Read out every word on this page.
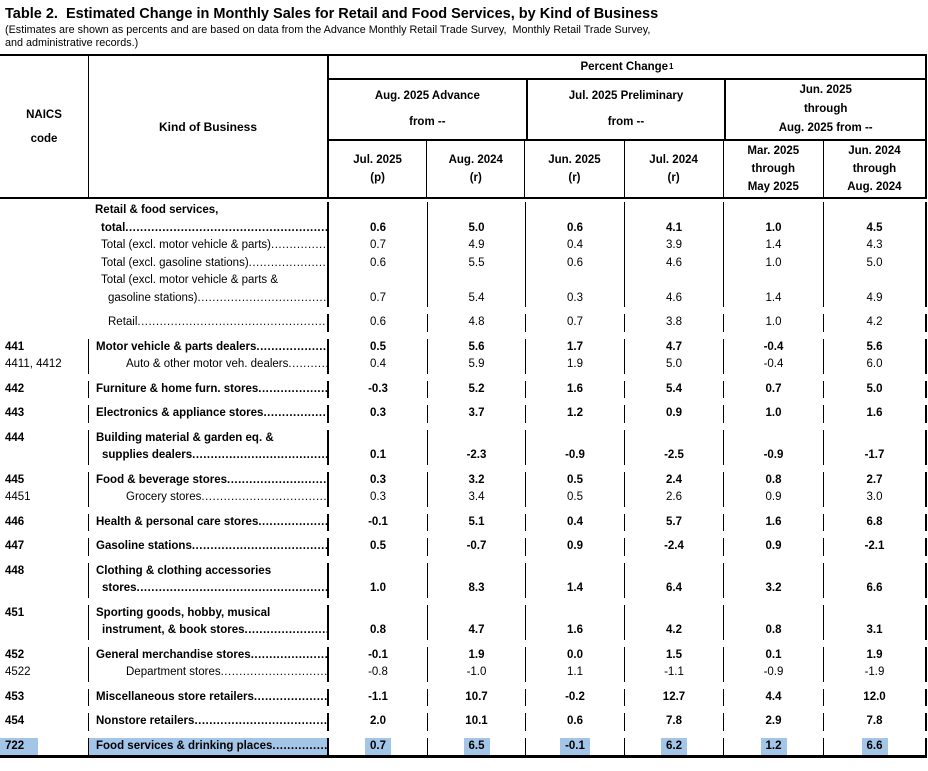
Table 2.  Estimated Change in Monthly Sales for Retail and Food Services, by Kind of Business
(Estimates are shown as percents and are based on data from the Advance Monthly Retail Trade Survey,  Monthly Retail Trade Survey,
and administrative records.)
NAICS
code
Kind of Business
Percent Change 1
Aug. 2025 Advance
from --
Jul. 2025 Preliminary
from --
Jun. 2025
through
Aug. 2025 from --
Jul. 2025
(p)
Aug. 2024
(r)
Jun. 2025
(r)
Jul. 2024
(r)
Mar. 2025
through
May 2025
Jun. 2024
through
Aug. 2024
Retail & food services,
total .....	0.6	5.0	0.6	4.1	1.0	4.5
Total (excl. motor vehicle & parts) .....	0.7	4.9	0.4	3.9	1.4	4.3
Total (excl. gasoline stations) .....	0.6	5.5	0.6	4.6	1.0	5.0
Total (excl. motor vehicle & parts &
gasoline stations) .....	0.7	5.4	0.3	4.6	1.4	4.9
Retail .....	0.6	4.8	0.7	3.8	1.0	4.2
441	Motor vehicle & parts dealers .....	0.5	5.6	1.7	4.7	-0.4	5.6
4411, 4412	Auto & other motor veh. dealers .....	0.4	5.9	1.9	5.0	-0.4	6.0
442	Furniture & home furn. stores .....	-0.3	5.2	1.6	5.4	0.7	5.0
443	Electronics & appliance stores .....	0.3	3.7	1.2	0.9	1.0	1.6
444	Building material & garden eq. &
supplies dealers .....	0.1	-2.3	-0.9	-2.5	-0.9	-1.7
445	Food & beverage stores .....	0.3	3.2	0.5	2.4	0.8	2.7
4451	Grocery stores .....	0.3	3.4	0.5	2.6	0.9	3.0
446	Health & personal care stores .....	-0.1	5.1	0.4	5.7	1.6	6.8
447	Gasoline stations .....	0.5	-0.7	0.9	-2.4	0.9	-2.1
448	Clothing & clothing accessories
stores .....	1.0	8.3	1.4	6.4	3.2	6.6
451	Sporting goods, hobby, musical
instrument, & book stores .....	0.8	4.7	1.6	4.2	0.8	3.1
452	General merchandise stores .....	-0.1	1.9	0.0	1.5	0.1	1.9
4522	Department stores .....	-0.8	-1.0	1.1	-1.1	-0.9	-1.9
453	Miscellaneous store retailers .....	-1.1	10.7	-0.2	12.7	4.4	12.0
454	Nonstore retailers .....	2.0	10.1	0.6	7.8	2.9	7.8
722	Food services & drinking places .....	0.7	6.5	-0.1	6.2	1.2	6.6
